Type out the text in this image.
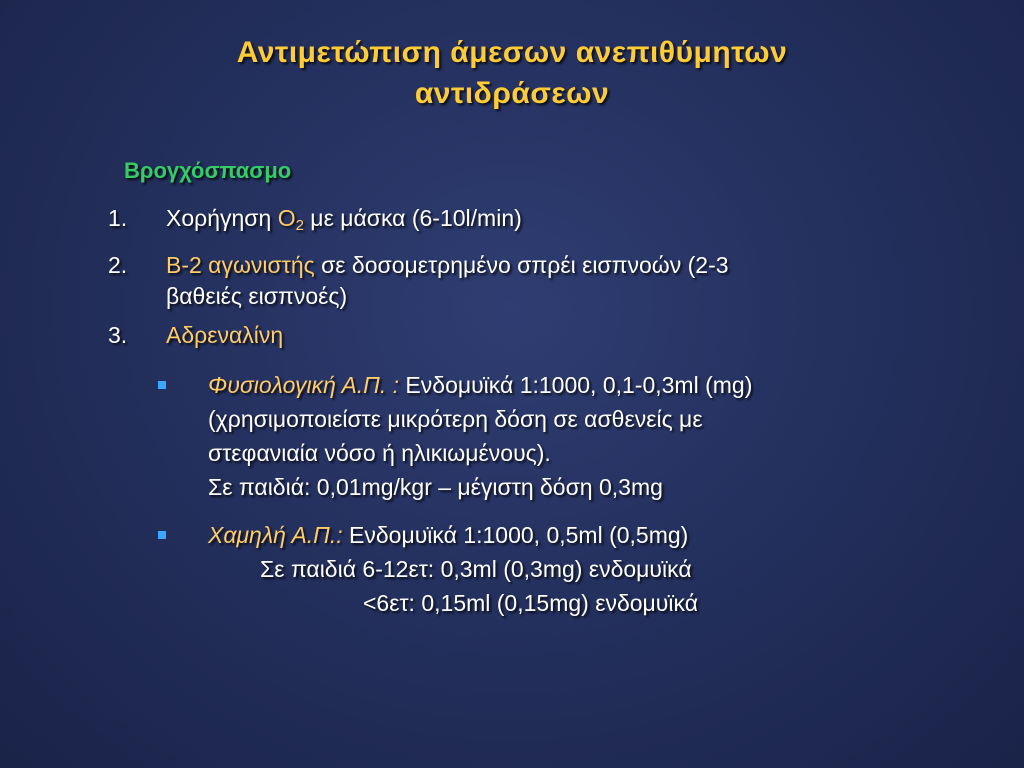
Αντιμετώπιση άμεσων ανεπιθύμητων
αντιδράσεων
Βρογχόσπασμο
1. Χορήγηση $O_2$ με μάσκα (6-10l/min)
2. Β-2 αγωνιστής σε δοσομετρημένο σπρέι εισπνοών (2-3
βαθειές εισπνοές)
3. Αδρεναλίνη
Φυσιολογική Α.Π. : Ενδομυϊκά 1:1000, 0,1-0,3ml (mg)
(χρησιμοποιείστε μικρότερη δόση σε ασθενείς με
στεφανιαία νόσο ή ηλικιωμένους).
Σε παιδιά: 0,01mg/kgr – μέγιστη δόση 0,3mg
Χαμηλή Α.Π.: Ενδομυϊκά 1:1000, 0,5ml (0,5mg)
Σε παιδιά 6-12ετ: 0,3ml (0,3mg) ενδομυϊκά
<6ετ: 0,15ml (0,15mg) ενδομυϊκά
